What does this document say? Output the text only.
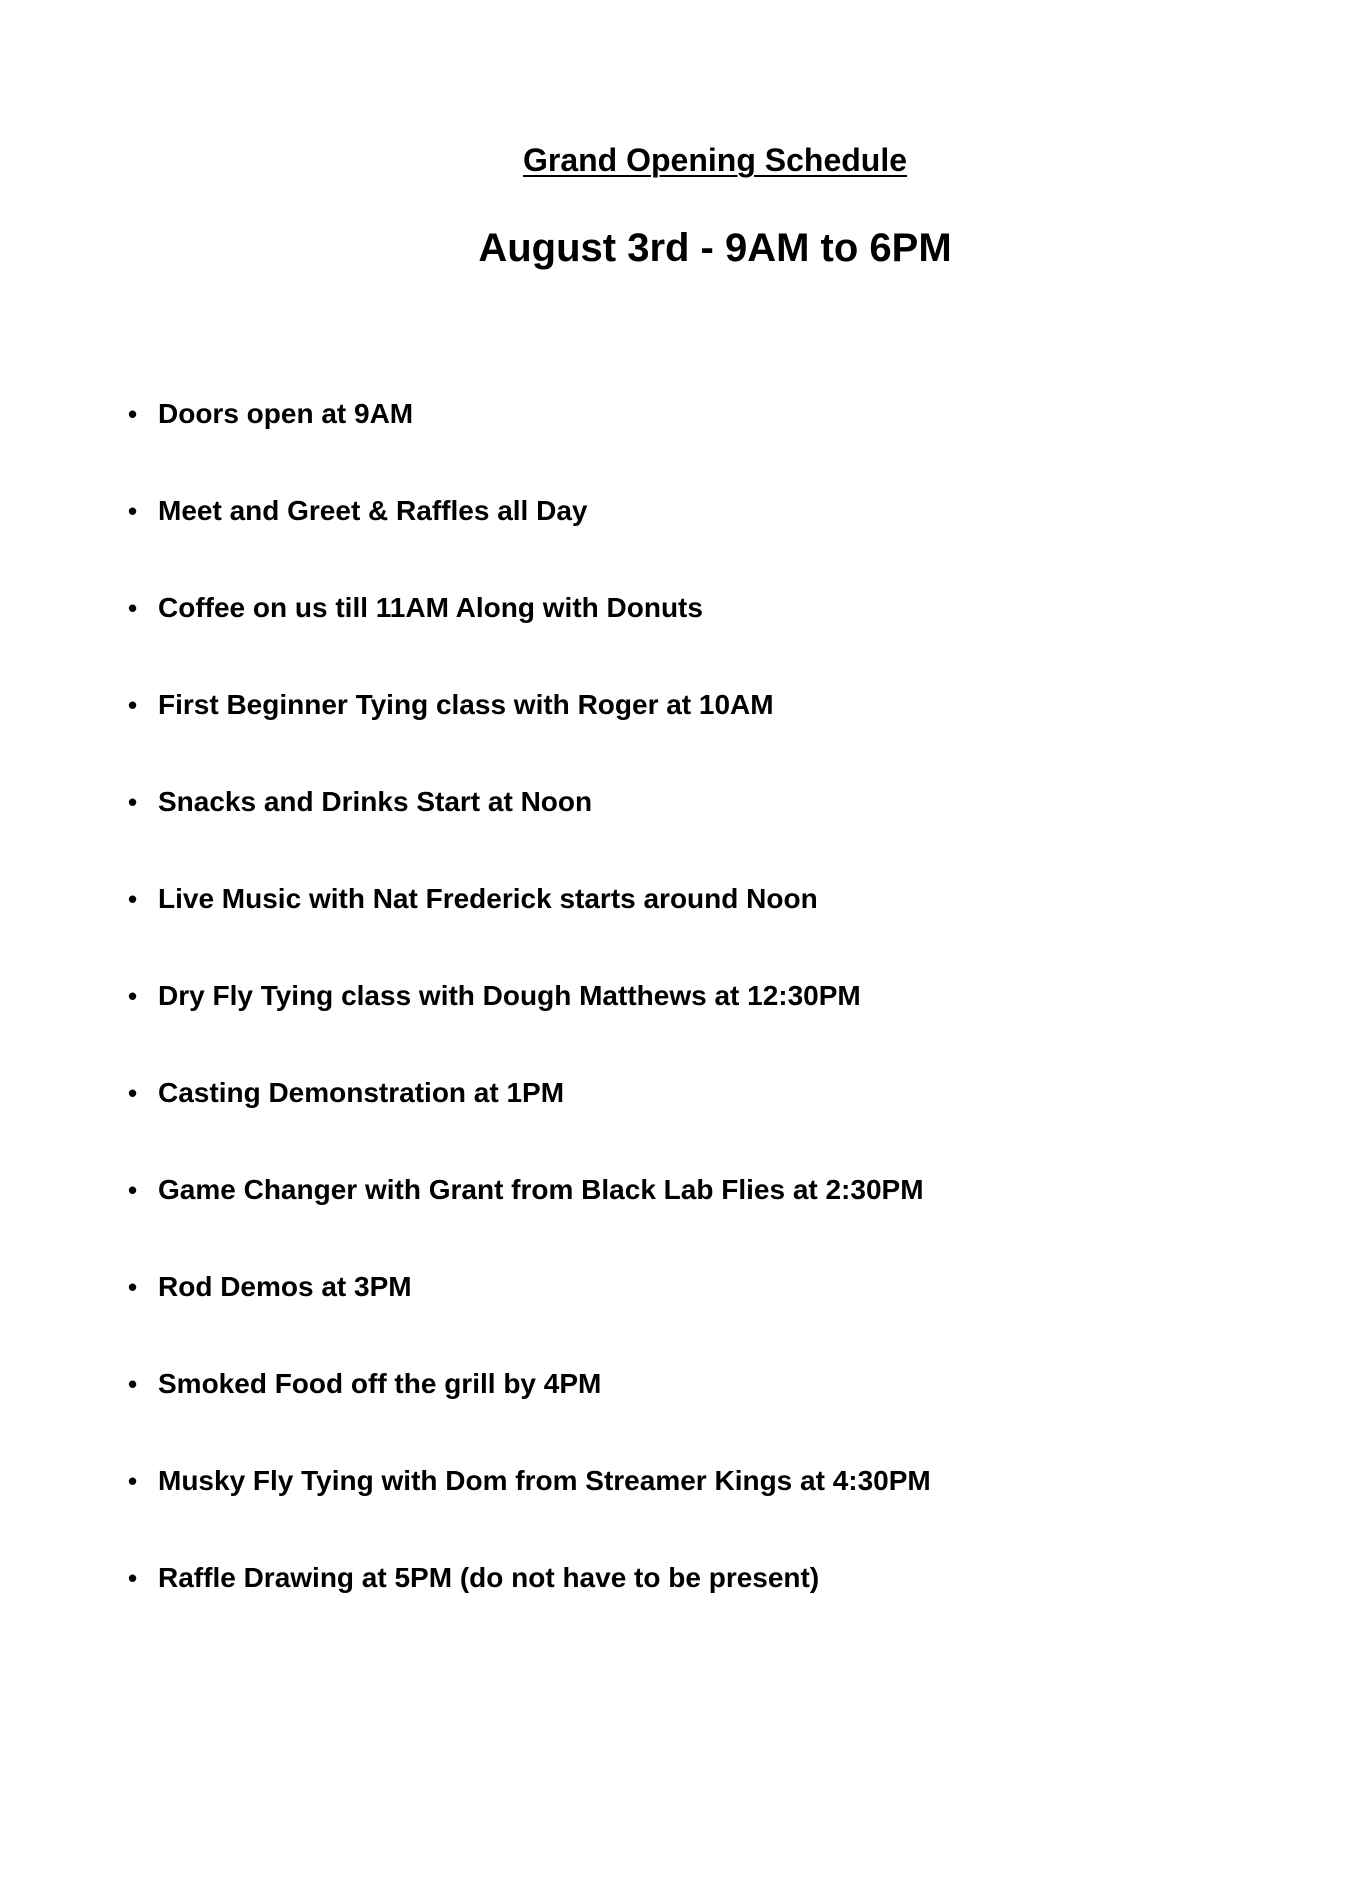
Grand Opening Schedule
August 3rd - 9AM to 6PM
• Doors open at 9AM
• Meet and Greet & Raffles all Day
• Coffee on us till 11AM Along with Donuts
• First Beginner Tying class with Roger at 10AM
• Snacks and Drinks Start at Noon
• Live Music with Nat Frederick starts around Noon
• Dry Fly Tying class with Dough Matthews at 12:30PM
• Casting Demonstration at 1PM
• Game Changer with Grant from Black Lab Flies at 2:30PM
• Rod Demos at 3PM
• Smoked Food off the grill by 4PM
• Musky Fly Tying with Dom from Streamer Kings at 4:30PM
• Raffle Drawing at 5PM (do not have to be present)
